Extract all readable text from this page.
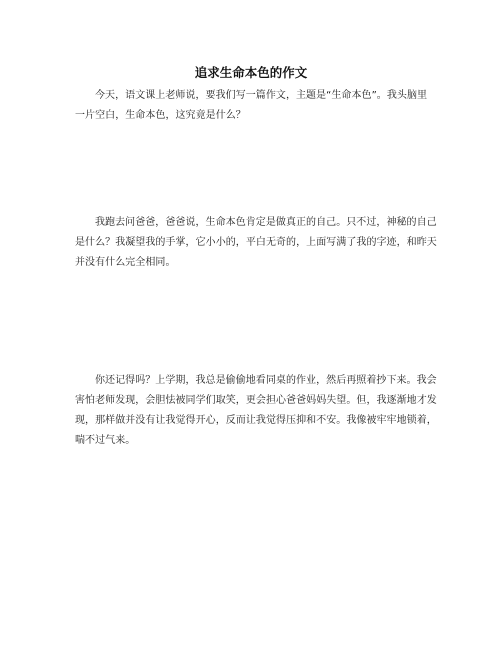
追求生命本色的作文

今天，语文课上老师说，要我们写一篇作文，主题是“生命本色”。我头脑里一片空白，生命本色，这究竟是什么？

我跑去问爸爸，爸爸说，生命本色肯定是做真正的自己。只不过，神秘的自己是什么？我凝望我的手掌，它小小的，平白无奇的，上面写满了我的字迹，和昨天并没有什么完全相同。

你还记得吗？上学期，我总是偷偷地看同桌的作业，然后再照着抄下来。我会害怕老师发现，会胆怯被同学们取笑，更会担心爸爸妈妈失望。但，我逐渐地才发现，那样做并没有让我觉得开心，反而让我觉得压抑和不安。我像被牢牢地锁着，喘不过气来。
